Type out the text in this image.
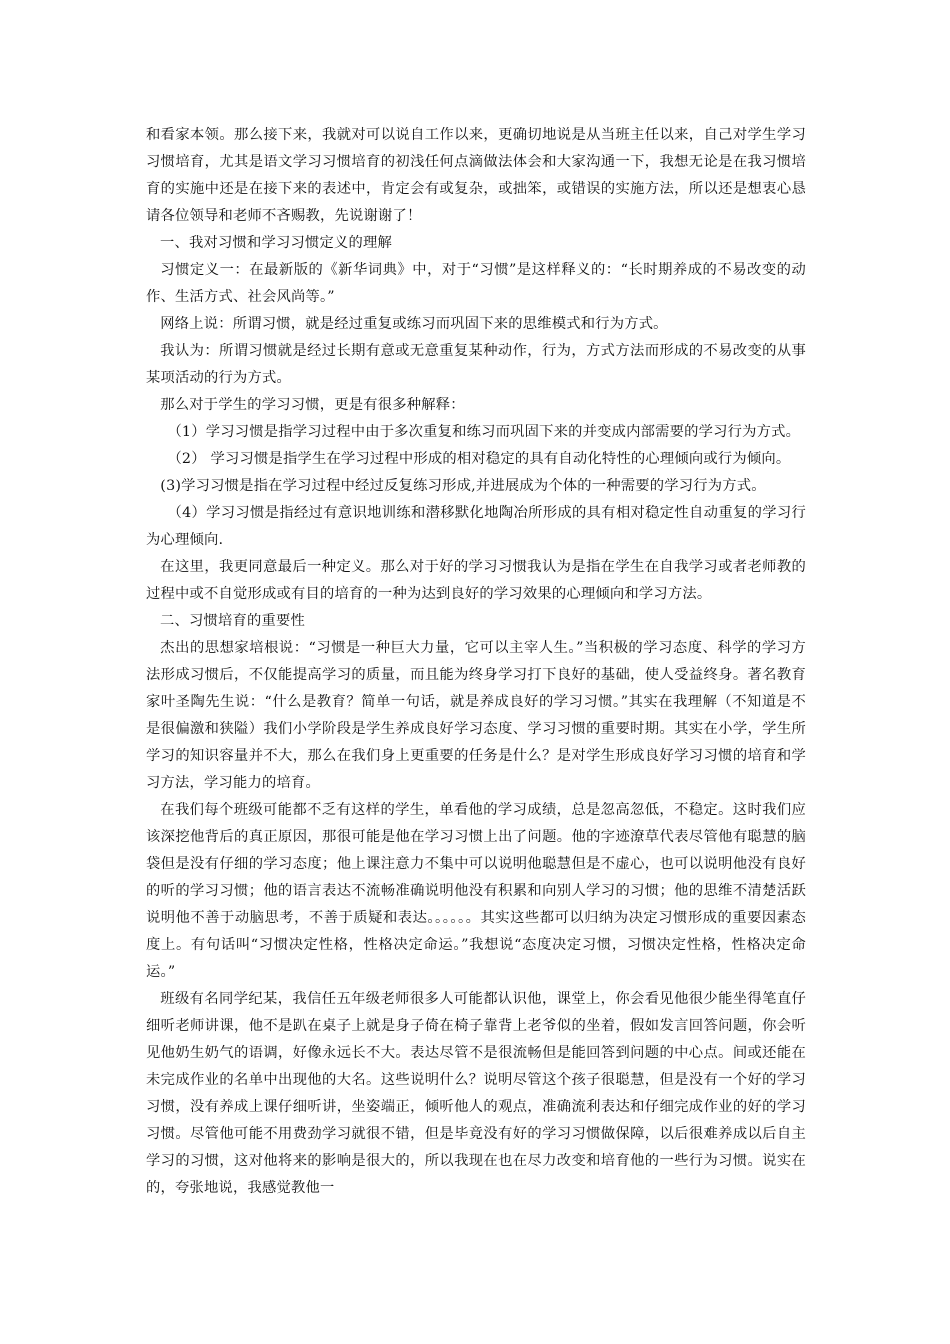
和看家本领。那么接下来，我就对可以说自工作以来，更确切地说是从当班主任以来，自己对学生学习习惯培育，尤其是语文学习习惯培育的初浅任何点滴做法体会和大家沟通一下，我想无论是在我习惯培育的实施中还是在接下来的表述中，肯定会有或复杂，或拙笨，或错误的实施方法，所以还是想衷心恳请各位领导和老师不吝赐教，先说谢谢了！

一、我对习惯和学习习惯定义的理解

习惯定义一：在最新版的《新华词典》中，对于“习惯”是这样释义的：“长时期养成的不易改变的动作、生活方式、社会风尚等。”

网络上说：所谓习惯，就是经过重复或练习而巩固下来的思维模式和行为方式。

我认为：所谓习惯就是经过长期有意或无意重复某种动作，行为，方式方法而形成的不易改变的从事某项活动的行为方式。

那么对于学生的学习习惯，更是有很多种解释：

（1）学习习惯是指学习过程中由于多次重复和练习而巩固下来的并变成内部需要的学习行为方式。

（2） 学习习惯是指学生在学习过程中形成的相对稳定的具有自动化特性的心理倾向或行为倾向。

(3)学习习惯是指在学习过程中经过反复练习形成,并进展成为个体的一种需要的学习行为方式。

（4）学习习惯是指经过有意识地训练和潜移默化地陶冶所形成的具有相对稳定性自动重复的学习行为心理倾向.

在这里，我更同意最后一种定义。那么对于好的学习习惯我认为是指在学生在自我学习或者老师教的过程中或不自觉形成或有目的培育的一种为达到良好的学习效果的心理倾向和学习方法。

二、习惯培育的重要性

杰出的思想家培根说：“习惯是一种巨大力量，它可以主宰人生。”当积极的学习态度、科学的学习方法形成习惯后，不仅能提高学习的质量，而且能为终身学习打下良好的基础，使人受益终身。著名教育家叶圣陶先生说：“什么是教育？简单一句话，就是养成良好的学习习惯。”其实在我理解（不知道是不是很偏激和狭隘）我们小学阶段是学生养成良好学习态度、学习习惯的重要时期。其实在小学，学生所学习的知识容量并不大，那么在我们身上更重要的任务是什么？是对学生形成良好学习习惯的培育和学习方法，学习能力的培育。

在我们每个班级可能都不乏有这样的学生，单看他的学习成绩，总是忽高忽低，不稳定。这时我们应该深挖他背后的真正原因，那很可能是他在学习习惯上出了问题。他的字迹潦草代表尽管他有聪慧的脑袋但是没有仔细的学习态度；他上课注意力不集中可以说明他聪慧但是不虚心，也可以说明他没有良好的听的学习习惯；他的语言表达不流畅准确说明他没有积累和向别人学习的习惯；他的思维不清楚活跃说明他不善于动脑思考，不善于质疑和表达。。。。。。其实这些都可以归纳为决定习惯形成的重要因素态度上。有句话叫“习惯决定性格，性格决定命运。”我想说“态度决定习惯，习惯决定性格，性格决定命运。”

班级有名同学纪某，我信任五年级老师很多人可能都认识他，课堂上，你会看见他很少能坐得笔直仔细听老师讲课，他不是趴在桌子上就是身子倚在椅子靠背上老爷似的坐着，假如发言回答问题，你会听见他奶生奶气的语调，好像永远长不大。表达尽管不是很流畅但是能回答到问题的中心点。间或还能在未完成作业的名单中出现他的大名。这些说明什么？说明尽管这个孩子很聪慧，但是没有一个好的学习习惯，没有养成上课仔细听讲，坐姿端正，倾听他人的观点，准确流利表达和仔细完成作业的好的学习习惯。尽管他可能不用费劲学习就很不错，但是毕竟没有好的学习习惯做保障，以后很难养成以后自主学习的习惯，这对他将来的影响是很大的，所以我现在也在尽力改变和培育他的一些行为习惯。说实在的，夸张地说，我感觉教他一
